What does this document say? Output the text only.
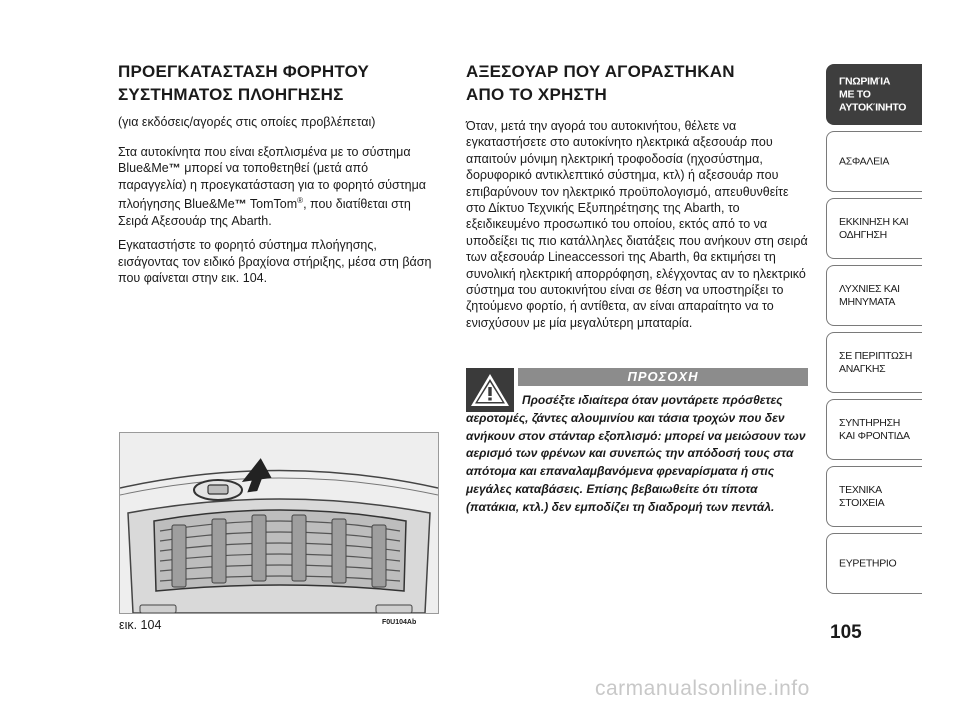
ΠΡΟΕΓΚΑΤΑΣΤΑΣΗ ΦΟΡΗΤΟΥ
ΣΥΣΤΗΜΑΤΟΣ ΠΛΟΗΓΗΣΗΣ
(για εκδόσεις/αγορές στις οποίες προβλέπεται)

Στα αυτοκίνητα που είναι εξοπλισμένα με το σύστημα Blue&Me™ μπορεί να τοποθετηθεί (μετά από παραγγελία) η προεγκατάσταση για το φορητό σύστημα πλοήγησης Blue&Me™ TomTom®, που διατίθεται στη Σειρά Αξεσουάρ της Abarth.

Εγκαταστήστε το φορητό σύστημα πλοήγησης, εισάγοντας τον ειδικό βραχίονα στήριξης, μέσα στη βάση που φαίνεται στην εικ. 104.

ΑΞΕΣΟΥΑΡ ΠΟΥ ΑΓΟΡΑΣΤΗΚΑΝ
ΑΠΟ ΤΟ ΧΡΗΣΤΗ

Όταν, μετά την αγορά του αυτοκινήτου, θέλετε να εγκαταστήσετε στο αυτοκίνητο ηλεκτρικά αξεσουάρ που απαιτούν μόνιμη ηλεκτρική τροφοδοσία (ηχοσύστημα, δορυφορικό αντικλεπτικό σύστημα, κτλ) ή αξεσουάρ που επιβαρύνουν τον ηλεκτρικό προϋπολογισμό, απευθυνθείτε στο Δίκτυο Τεχνικής Εξυπηρέτησης της Abarth, το εξειδικευμένο προσωπικό του οποίου, εκτός από το να υποδείξει τις πιο κατάλληλες διατάξεις που ανήκουν στη σειρά των αξεσουάρ Lineaccessori της Abarth, θα εκτιμήσει τη συνολική ηλεκτρική απορρόφηση, ελέγχοντας αν το ηλεκτρικό σύστημα του αυτοκινήτου είναι σε θέση να υποστηρίξει το ζητούμενο φορτίο, ή αντίθετα, αν είναι απαραίτητο να το ενισχύσουν με μία μεγαλύτερη μπαταρία.

ΠΡΟΣΟΧΗ
Προσέξτε ιδιαίτερα όταν μοντάρετε πρόσθετες αεροτομές, ζάντες αλουμινίου και τάσια τροχών που δεν ανήκουν στον στάνταρ εξοπλισμό: μπορεί να μειώσουν των αερισμό των φρένων και συνεπώς την απόδοσή τους στα απότομα και επαναλαμβανόμενα φρεναρίσματα ή στις μεγάλες καταβάσεις. Επίσης βεβαιωθείτε ότι τίποτα (πατάκια, κτλ.) δεν εμποδίζει τη διαδρομή των πεντάλ.
εικ. 104	F0U104Ab
ΓΝΩΡΙΜΊΑ
ΜΕ ΤΟ
ΑΥΤΟΚΊΝΗΤΟ
ΑΣΦΑΛΕΙΑ
ΕΚΚΙΝΗΣΗ ΚΑΙ
ΟΔΗΓΗΣΗ
ΛΥΧΝΙΕΣ ΚΑΙ
ΜΗΝΥΜΑΤΑ
ΣΕ ΠΕΡΙΠΤΩΣΗ
ΑΝΑΓΚΗΣ
ΣΥΝΤΗΡΗΣΗ
ΚΑΙ ΦΡΟΝΤΙΔΑ
ΤΕΧΝΙΚΑ
ΣΤΟΙΧΕΙΑ
ΕΥΡΕΤΗΡΙΟ
105
carmanualsonline.info
